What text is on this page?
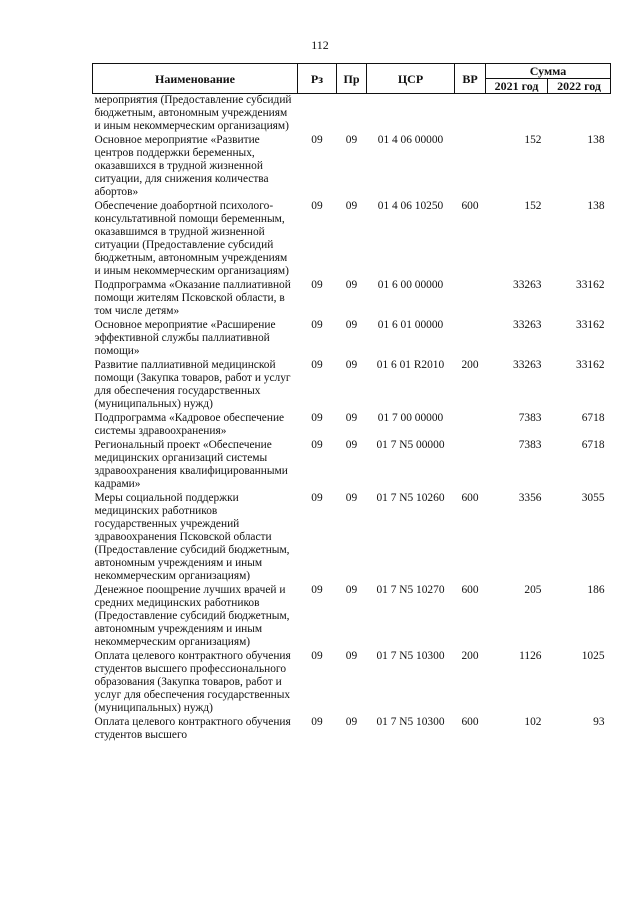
112
Наименование	Рз	Пр	ЦСР	ВР	Сумма	
					2021 год	2022 год
мероприятия (Предоставление субсидий бюджетным, автономным учреждениям и иным некоммерческим организациям)						
Основное мероприятие «Развитие центров поддержки беременных, оказавшихся в трудной жизненной ситуации, для снижения количества абортов»	09	09	01 4 06 00000		152	138
Обеспечение доабортной психолого-консультативной помощи беременным, оказавшимся в трудной жизненной ситуации (Предоставление субсидий бюджетным, автономным учреждениям и иным некоммерческим организациям)	09	09	01 4 06 10250	600	152	138
Подпрограмма «Оказание паллиативной помощи жителям Псковской области, в том числе детям»	09	09	01 6 00 00000		33263	33162
Основное мероприятие «Расширение эффективной службы паллиативной помощи»	09	09	01 6 01 00000		33263	33162
Развитие паллиативной медицинской помощи (Закупка товаров, работ и услуг для обеспечения государственных (муниципальных) нужд)	09	09	01 6 01 R2010	200	33263	33162
Подпрограмма «Кадровое обеспечение системы здравоохранения»	09	09	01 7 00 00000		7383	6718
Региональный проект «Обеспечение медицинских организаций системы здравоохранения квалифицированными кадрами»	09	09	01 7 N5 00000		7383	6718
Меры социальной поддержки медицинских работников государственных учреждений здравоохранения Псковской области (Предоставление субсидий бюджетным, автономным учреждениям и иным некоммерческим организациям)	09	09	01 7 N5 10260	600	3356	3055
Денежное поощрение лучших врачей и средних медицинских работников (Предоставление субсидий бюджетным, автономным учреждениям и иным некоммерческим организациям)	09	09	01 7 N5 10270	600	205	186
Оплата целевого контрактного обучения студентов высшего профессионального образования (Закупка товаров, работ и услуг для обеспечения государственных (муниципальных) нужд)	09	09	01 7 N5 10300	200	1126	1025
Оплата целевого контрактного обучения студентов высшего	09	09	01 7 N5 10300	600	102	93
